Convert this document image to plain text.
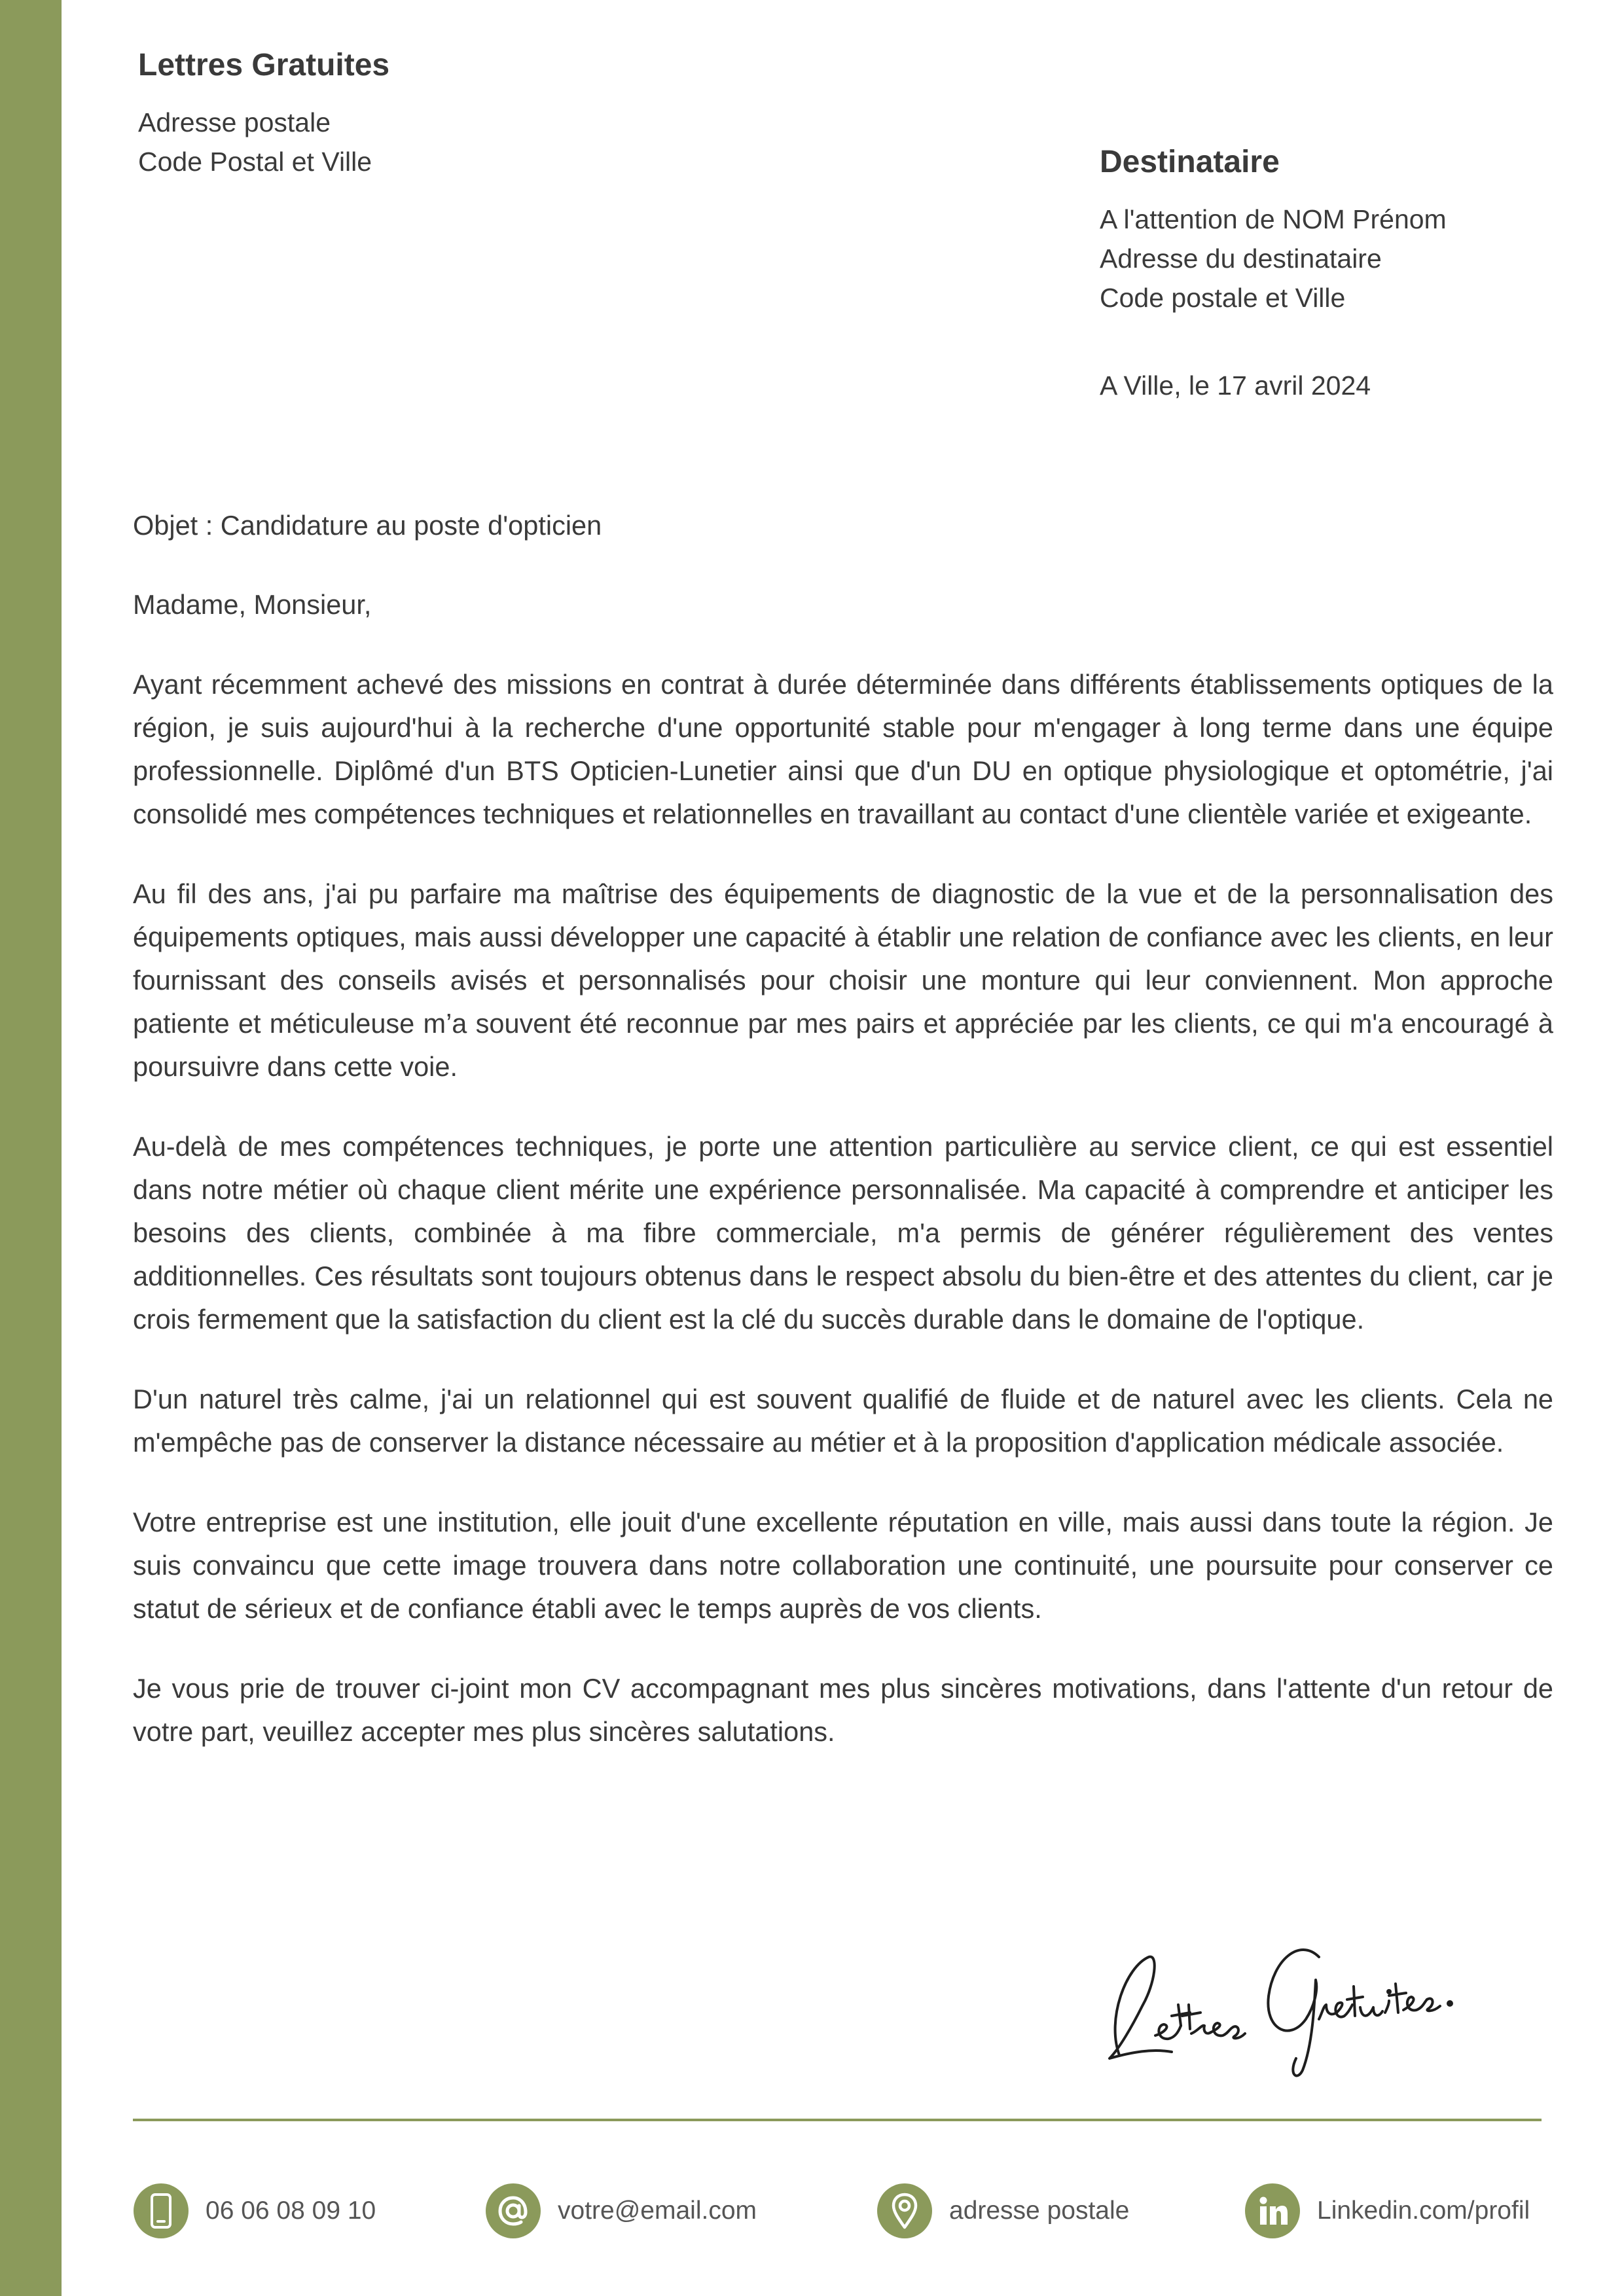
Lettres Gratuites
Adresse postale
Code Postal et Ville	Destinataire
A l'attention de NOM Prénom
Adresse du destinataire
Code postale et Ville
A Ville, le 17 avril 2024
Objet : Candidature au poste d'opticien
Madame, Monsieur,

Ayant récemment achevé des missions en contrat à durée déterminée dans différents établissements optiques de la région, je suis aujourd'hui à la recherche d'une opportunité stable pour m'engager à long terme dans une équipe professionnelle. Diplômé d'un BTS Opticien-Lunetier ainsi que d'un DU en optique physiologique et optométrie, j'ai consolidé mes compétences techniques et relationnelles en travaillant au contact d'une clientèle variée et exigeante.

Au fil des ans, j'ai pu parfaire ma maîtrise des équipements de diagnostic de la vue et de la personnalisation des équipements optiques, mais aussi développer une capacité à établir une relation de confiance avec les clients, en leur fournissant des conseils avisés et personnalisés pour choisir une monture qui leur conviennent. Mon approche patiente et méticuleuse m’a souvent été reconnue par mes pairs et appréciée par les clients, ce qui m'a encouragé à poursuivre dans cette voie.

Au-delà de mes compétences techniques, je porte une attention particulière au service client, ce qui est essentiel dans notre métier où chaque client mérite une expérience personnalisée. Ma capacité à comprendre et anticiper les besoins des clients, combinée à ma fibre commerciale, m'a permis de générer régulièrement des ventes additionnelles. Ces résultats sont toujours obtenus dans le respect absolu du bien-être et des attentes du client, car je crois fermement que la satisfaction du client est la clé du succès durable dans le domaine de l'optique.

D'un naturel très calme, j'ai un relationnel qui est souvent qualifié de fluide et de naturel avec les clients. Cela ne m'empêche pas de conserver la distance nécessaire au métier et à la proposition d'application médicale associée.

Votre entreprise est une institution, elle jouit d'une excellente réputation en ville, mais aussi dans toute la région. Je suis convaincu que cette image trouvera dans notre collaboration une continuité, une poursuite pour conserver ce statut de sérieux et de confiance établi avec le temps auprès de vos clients.

Je vous prie de trouver ci-joint mon CV accompagnant mes plus sincères motivations, dans l'attente d'un retour de votre part, veuillez accepter mes plus sincères salutations.

06 06 08 09 10	votre@email.com	adresse postale	Linkedin.com/profil
